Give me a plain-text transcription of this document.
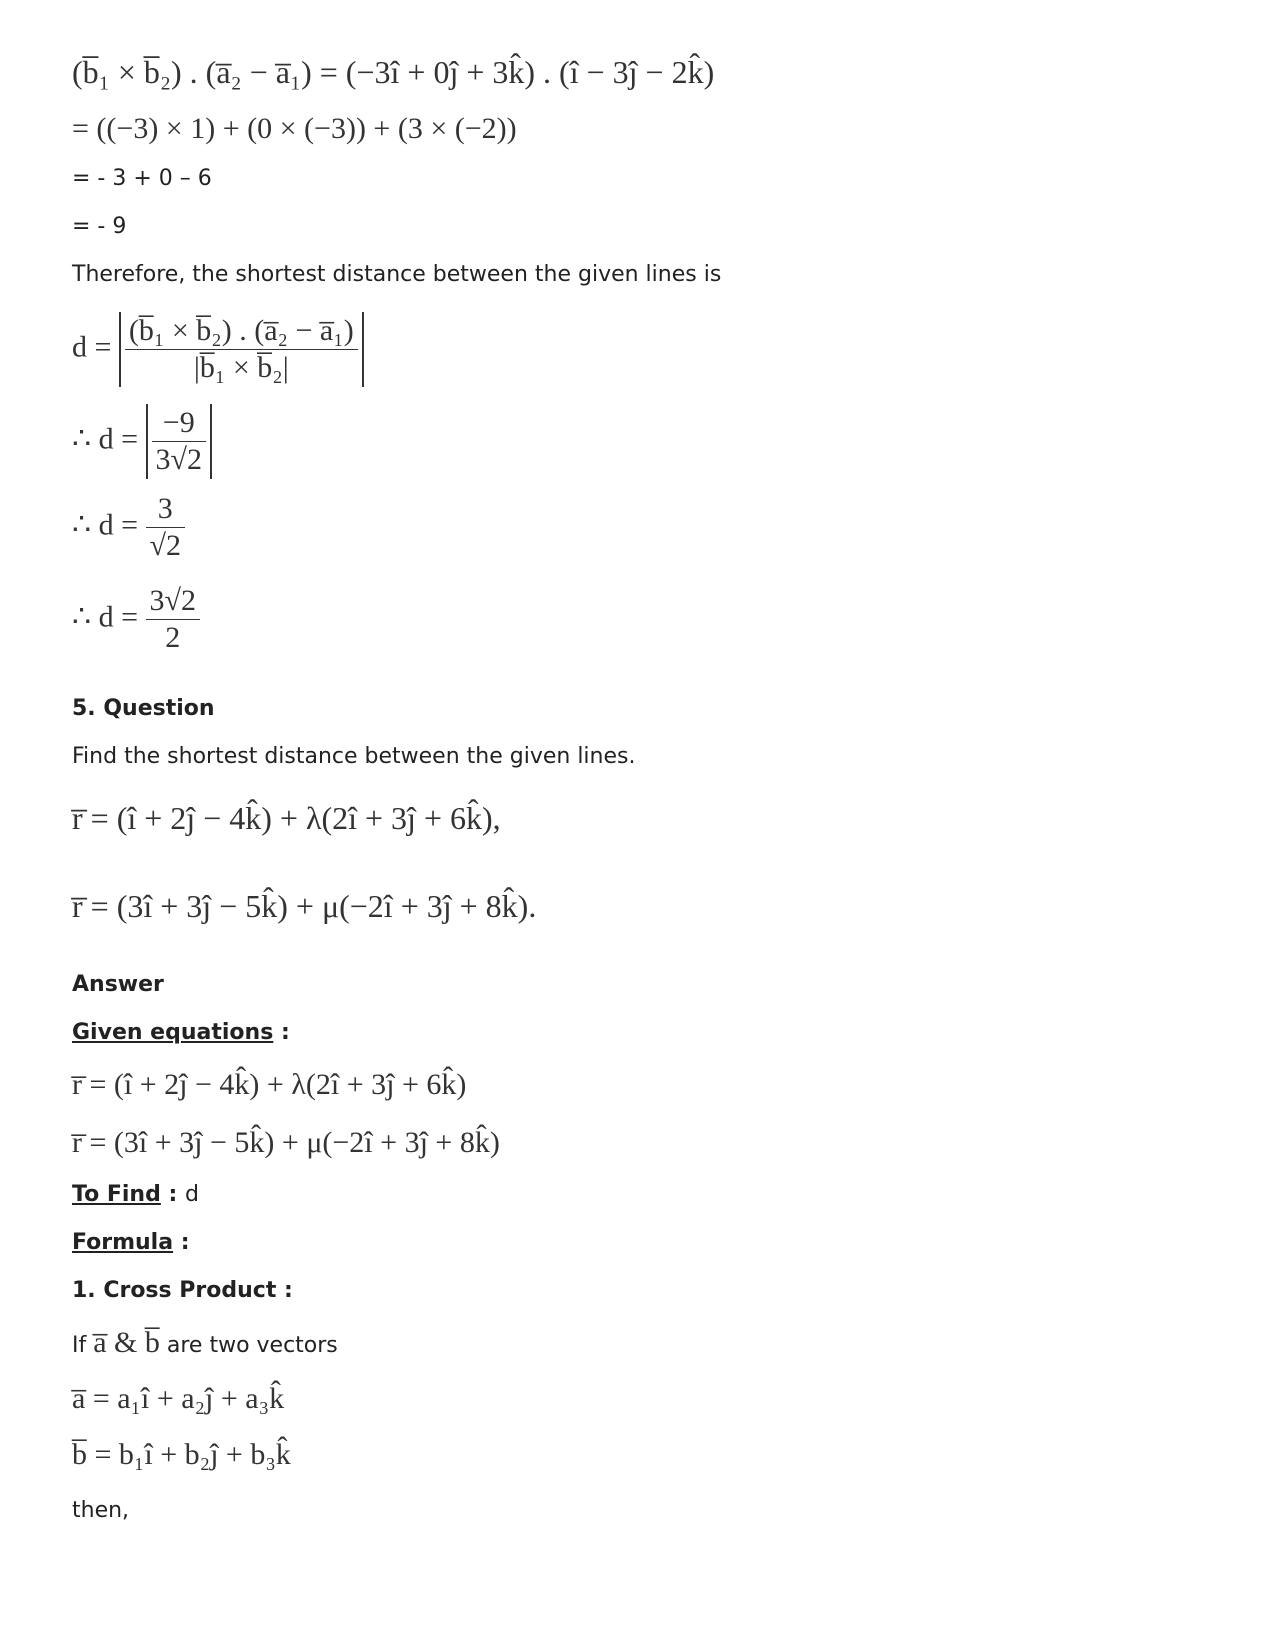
(b̅₁ × b̅₂) . (a̅₂ − a̅₁) = (−3î + 0ĵ + 3k̂) . (î − 3ĵ − 2k̂)
= ((−3) × 1) + (0 × (−3)) + (3 × (−2))
= - 3 + 0 – 6
= - 9
Therefore, the shortest distance between the given lines is
$d = \frac{\text{(b̅₁ × b̅₂) . (a̅₂ − a̅₁)}}{\text{|b̅₁ × b̅₂|}}$
∴ $d = \frac{-9}{3√2}$
∴ $d = \frac{3}{√2}$
∴ $d = \frac{3√2}{2}$
5. Question
Find the shortest distance between the given lines.
r̅ = (î + 2ĵ − 4k̂) + λ(2î + 3ĵ + 6k̂),
r̅ = (3î + 3ĵ − 5k̂) + μ(−2î + 3ĵ + 8k̂).
Answer
Given equations :
r̅ = (î + 2ĵ − 4k̂) + λ(2î + 3ĵ + 6k̂)
r̅ = (3î + 3ĵ − 5k̂) + μ(−2î + 3ĵ + 8k̂)
To Find : d
Formula :
1. Cross Product :
If a̅ & b̅ are two vectors
a̅ = a₁î + a₂ĵ + a₃k̂
b̅ = b₁î + b₂ĵ + b₃k̂
then,
